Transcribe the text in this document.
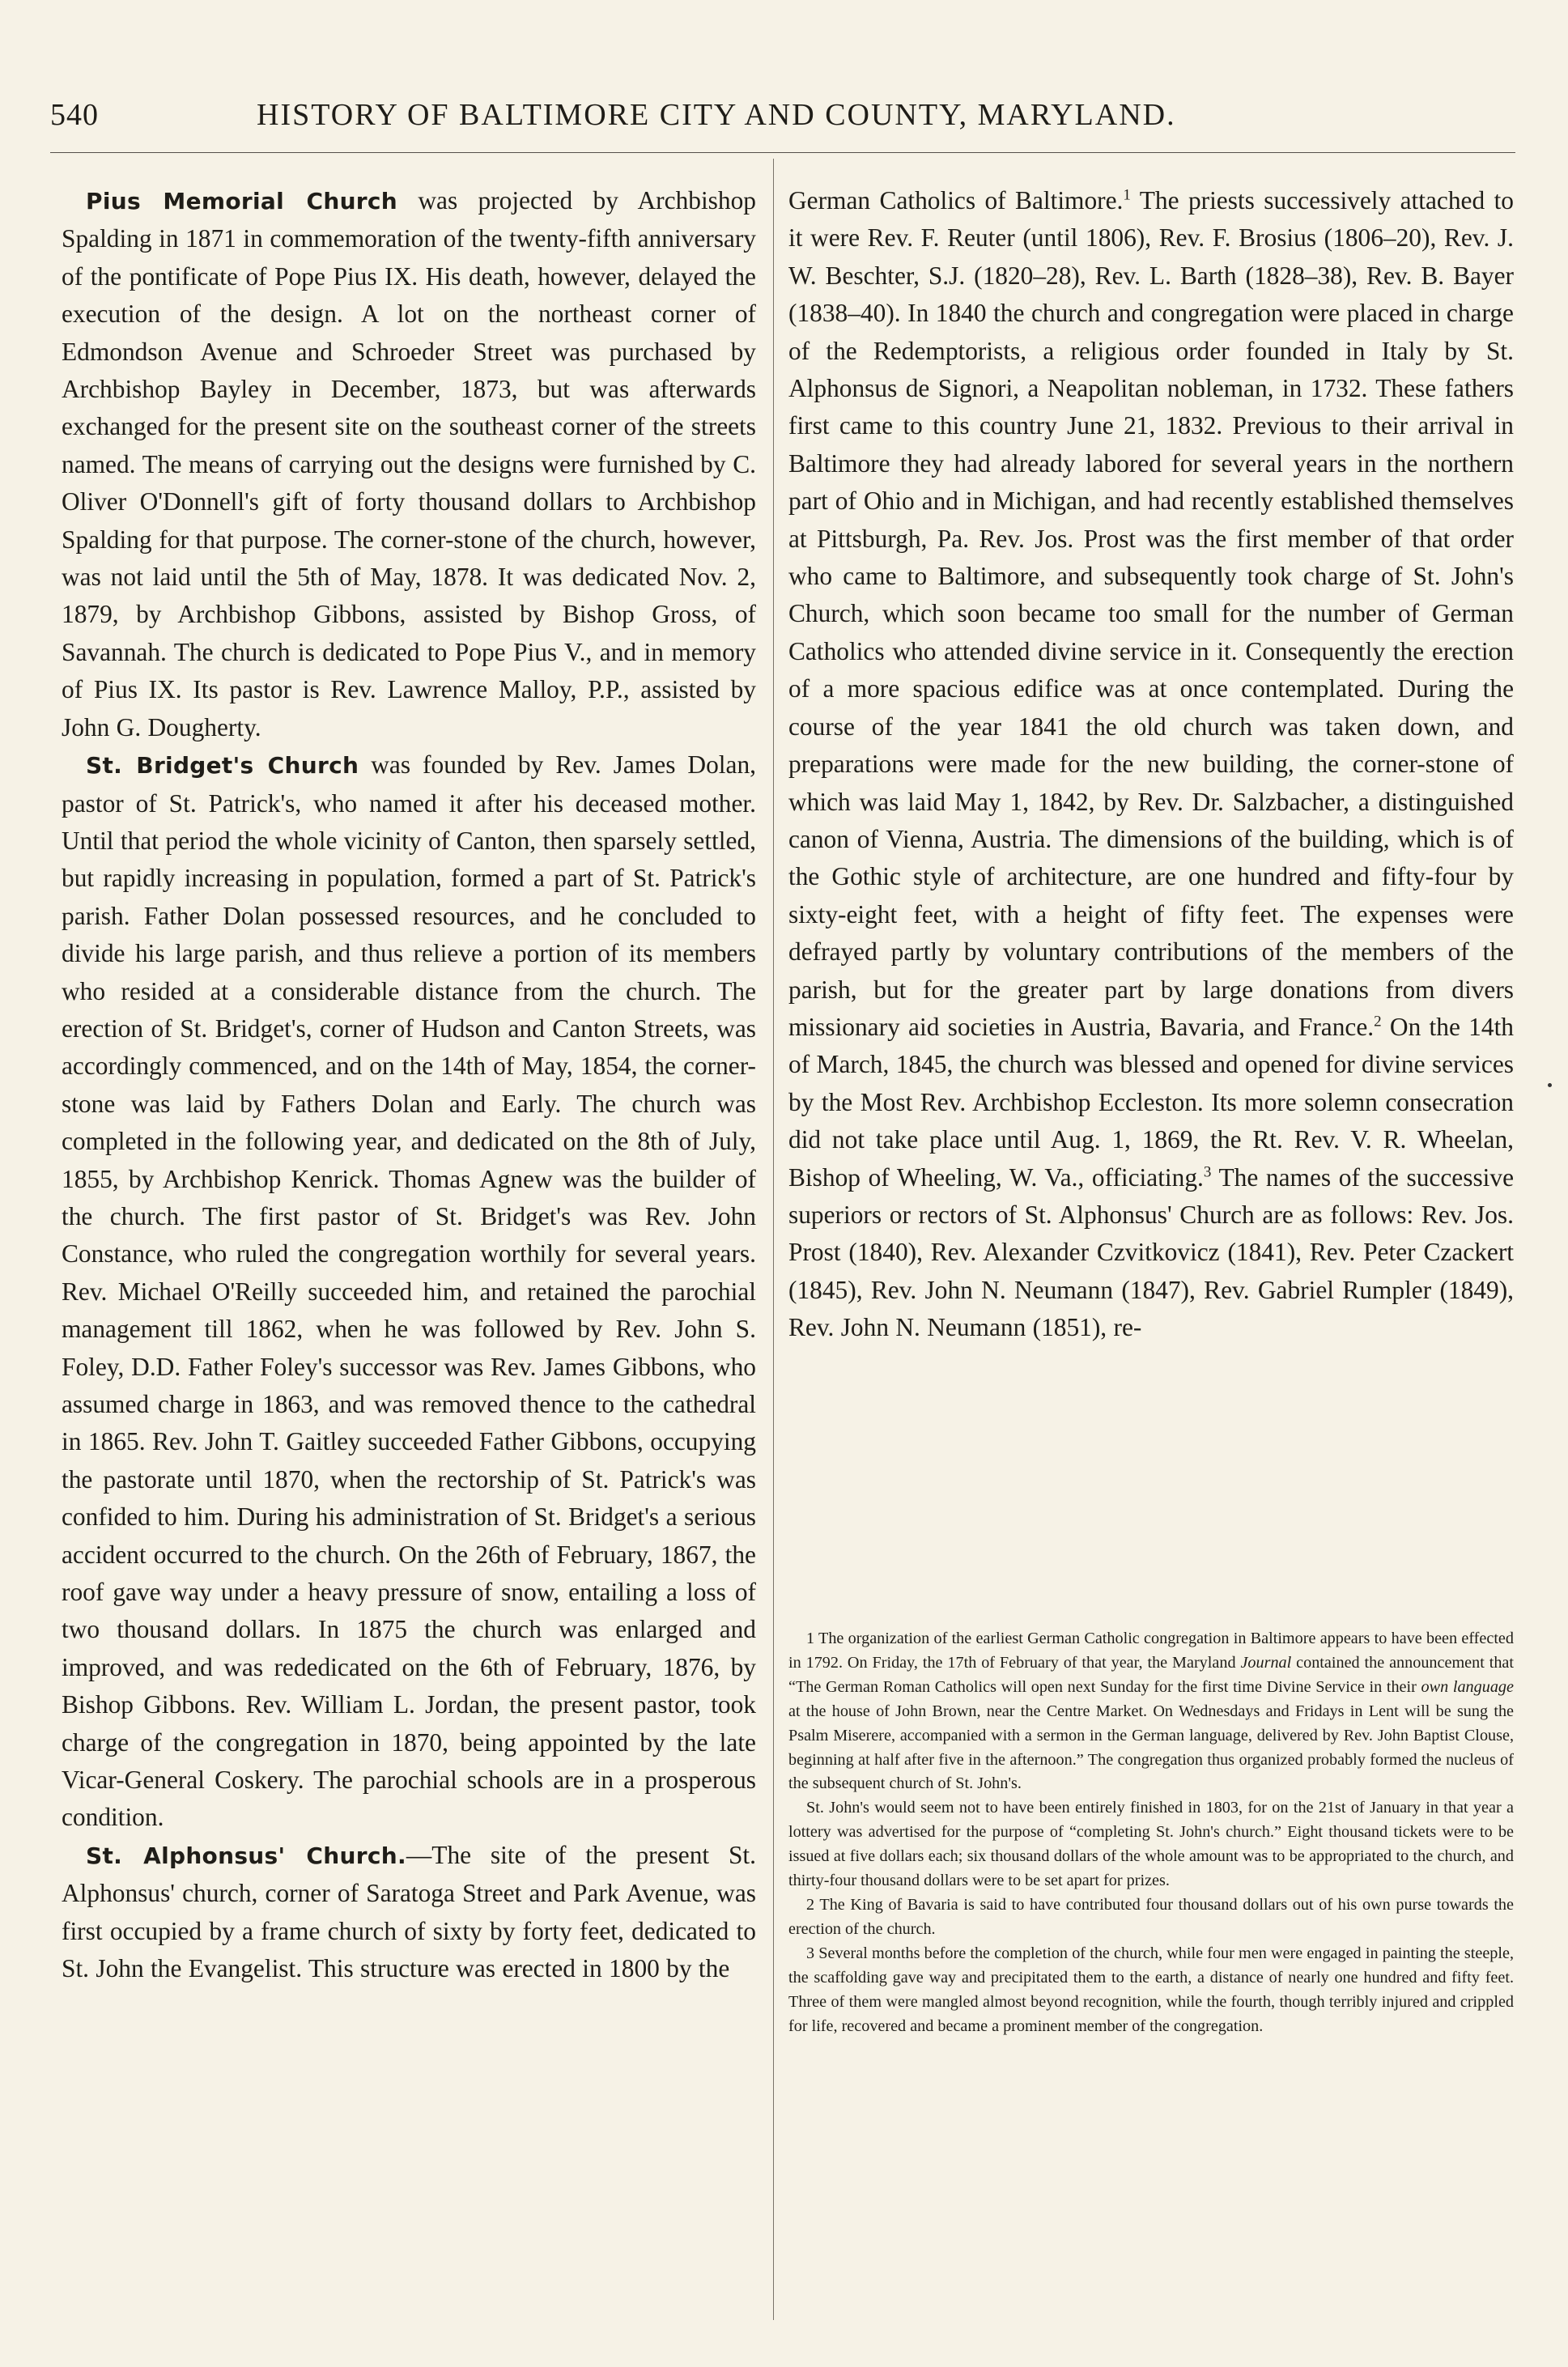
540	HISTORY OF BALTIMORE CITY AND COUNTY, MARYLAND.

Pius Memorial Church was projected by Archbishop Spalding in 1871 in commemoration of the twenty-fifth anniversary of the pontificate of Pope Pius IX. His death, however, delayed the execution of the design. A lot on the northeast corner of Edmondson Avenue and Schroeder Street was purchased by Archbishop Bayley in December, 1873, but was afterwards exchanged for the present site on the southeast corner of the streets named. The means of carrying out the designs were furnished by C. Oliver O'Donnell's gift of forty thousand dollars to Archbishop Spalding for that purpose. The corner-stone of the church, however, was not laid until the 5th of May, 1878. It was dedicated Nov. 2, 1879, by Archbishop Gibbons, assisted by Bishop Gross, of Savannah. The church is dedicated to Pope Pius V., and in memory of Pius IX. Its pastor is Rev. Lawrence Malloy, P.P., assisted by John G. Dougherty.

St. Bridget's Church was founded by Rev. James Dolan, pastor of St. Patrick's, who named it after his deceased mother. Until that period the whole vicinity of Canton, then sparsely settled, but rapidly increasing in population, formed a part of St. Patrick's parish. Father Dolan possessed resources, and he concluded to divide his large parish, and thus relieve a portion of its members who resided at a considerable distance from the church. The erection of St. Bridget's, corner of Hudson and Canton Streets, was accordingly commenced, and on the 14th of May, 1854, the corner-stone was laid by Fathers Dolan and Early. The church was completed in the following year, and dedicated on the 8th of July, 1855, by Archbishop Kenrick. Thomas Agnew was the builder of the church. The first pastor of St. Bridget's was Rev. John Constance, who ruled the congregation worthily for several years. Rev. Michael O'Reilly succeeded him, and retained the parochial management till 1862, when he was followed by Rev. John S. Foley, D.D. Father Foley's successor was Rev. James Gibbons, who assumed charge in 1863, and was removed thence to the cathedral in 1865. Rev. John T. Gaitley succeeded Father Gibbons, occupying the pastorate until 1870, when the rectorship of St. Patrick's was confided to him. During his administration of St. Bridget's a serious accident occurred to the church. On the 26th of February, 1867, the roof gave way under a heavy pressure of snow, entailing a loss of two thousand dollars. In 1875 the church was enlarged and improved, and was rededicated on the 6th of February, 1876, by Bishop Gibbons. Rev. William L. Jordan, the present pastor, took charge of the congregation in 1870, being appointed by the late Vicar-General Coskery. The parochial schools are in a prosperous condition.

St. Alphonsus' Church.—The site of the present St. Alphonsus' church, corner of Saratoga Street and Park Avenue, was first occupied by a frame church of sixty by forty feet, dedicated to St. John the Evangelist. This structure was erected in 1800 by the

German Catholics of Baltimore.$^1$ The priests successively attached to it were Rev. F. Reuter (until 1806), Rev. F. Brosius (1806–20), Rev. J. W. Beschter, S.J. (1820–28), Rev. L. Barth (1828–38), Rev. B. Bayer (1838–40). In 1840 the church and congregation were placed in charge of the Redemptorists, a religious order founded in Italy by St. Alphonsus de Signori, a Neapolitan nobleman, in 1732. These fathers first came to this country June 21, 1832. Previous to their arrival in Baltimore they had already labored for several years in the northern part of Ohio and in Michigan, and had recently established themselves at Pittsburgh, Pa. Rev. Jos. Prost was the first member of that order who came to Baltimore, and subsequently took charge of St. John's Church, which soon became too small for the number of German Catholics who attended divine service in it. Consequently the erection of a more spacious edifice was at once contemplated. During the course of the year 1841 the old church was taken down, and preparations were made for the new building, the corner-stone of which was laid May 1, 1842, by Rev. Dr. Salzbacher, a distinguished canon of Vienna, Austria. The dimensions of the building, which is of the Gothic style of architecture, are one hundred and fifty-four by sixty-eight feet, with a height of fifty feet. The expenses were defrayed partly by voluntary contributions of the members of the parish, but for the greater part by large donations from divers missionary aid societies in Austria, Bavaria, and France.$^2$ On the 14th of March, 1845, the church was blessed and opened for divine services by the Most Rev. Archbishop Eccleston. Its more solemn consecration did not take place until Aug. 1, 1869, the Rt. Rev. V. R. Wheelan, Bishop of Wheeling, W. Va., officiating.$^3$ The names of the successive superiors or rectors of St. Alphonsus' Church are as follows: Rev. Jos. Prost (1840), Rev. Alexander Czvitkovicz (1841), Rev. Peter Czackert (1845), Rev. John N. Neumann (1847), Rev. Gabriel Rumpler (1849), Rev. John N. Neumann (1851), re-

1 The organization of the earliest German Catholic congregation in Baltimore appears to have been effected in 1792. On Friday, the 17th of February of that year, the Maryland Journal contained the announcement that “The German Roman Catholics will open next Sunday for the first time Divine Service in their own language at the house of John Brown, near the Centre Market. On Wednesdays and Fridays in Lent will be sung the Psalm Miserere, accompanied with a sermon in the German language, delivered by Rev. John Baptist Clouse, beginning at half after five in the afternoon.” The congregation thus organized probably formed the nucleus of the subsequent church of St. John's.

St. John's would seem not to have been entirely finished in 1803, for on the 21st of January in that year a lottery was advertised for the purpose of “completing St. John's church.” Eight thousand tickets were to be issued at five dollars each; six thousand dollars of the whole amount was to be appropriated to the church, and thirty-four thousand dollars were to be set apart for prizes.

2 The King of Bavaria is said to have contributed four thousand dollars out of his own purse towards the erection of the church.

3 Several months before the completion of the church, while four men were engaged in painting the steeple, the scaffolding gave way and precipitated them to the earth, a distance of nearly one hundred and fifty feet. Three of them were mangled almost beyond recognition, while the fourth, though terribly injured and crippled for life, recovered and became a prominent member of the congregation.
